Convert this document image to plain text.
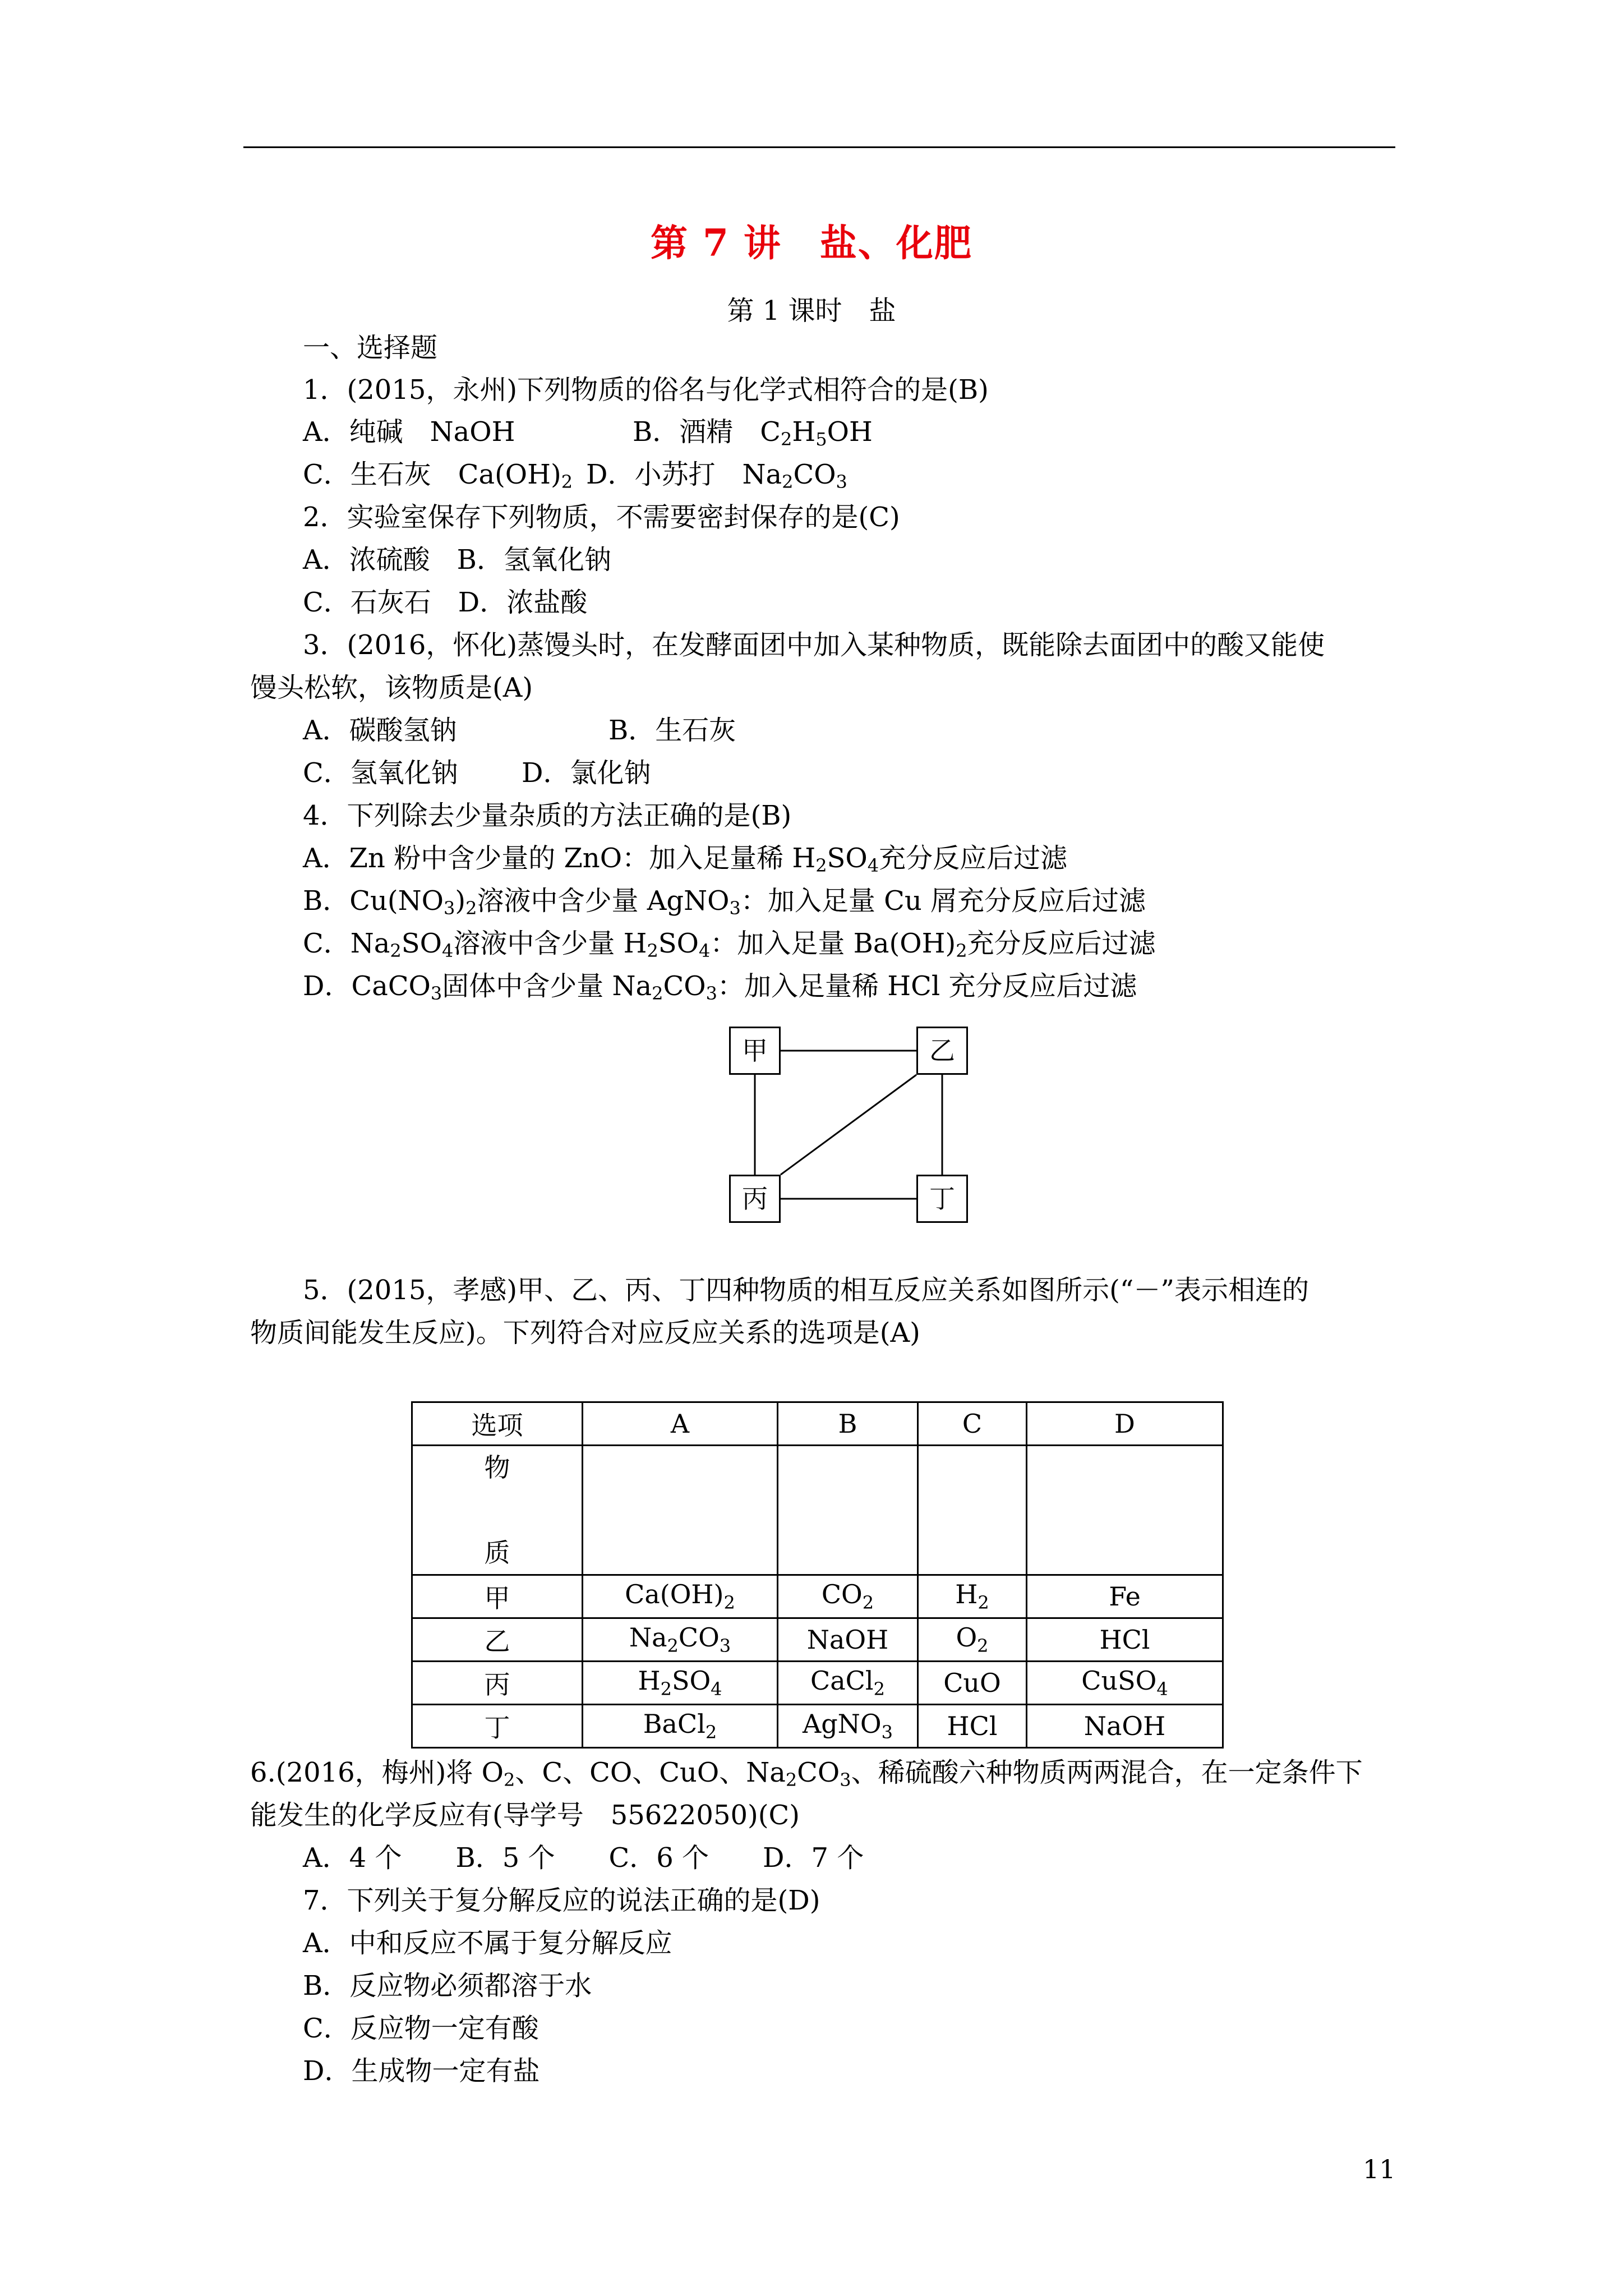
第 7 讲　盐、化肥
第 1 课时　盐
一、选择题
1．(2015，永州)下列物质的俗名与化学式相符合的是(B)
A．纯碱　NaOH	B．酒精　$C_2H_5OH$
C．生石灰　$Ca(OH)_2$ D．小苏打　$Na_2CO_3$
2．实验室保存下列物质，不需要密封保存的是(C)
A．浓硫酸　B．氢氧化钠
C．石灰石　D．浓盐酸
3．(2016，怀化)蒸馒头时，在发酵面团中加入某种物质，既能除去面团中的酸又能使
馒头松软，该物质是(A)
A．碳酸氢钠	B．生石灰
C．氢氧化钠 D．氯化钠
4．下列除去少量杂质的方法正确的是(B)
A．Zn 粉中含少量的 ZnO：加入足量稀 $H_2SO_4$充分反应后过滤
B．$Cu(NO_3)_2$溶液中含少量 AgNO$_3$：加入足量 Cu 屑充分反应后过滤
C．$Na_2SO_4$溶液中含少量 $H_2SO_4$：加入足量 $Ba(OH)_2$充分反应后过滤
D．CaCO$_3$固体中含少量 $Na_2CO_3$：加入足量稀 HCl 充分反应后过滤
甲	乙
丙	丁
5．(2015，孝感)甲、乙、丙、丁四种物质的相互反应关系如图所示(“－”表示相连的
物质间能发生反应)。下列符合对应反应关系的选项是(A)
选项	A	B	C	D
物

质				
甲	$Ca(OH)_2$	$CO_2$	$H_2$	Fe
乙	$Na_2CO_3$	NaOH	$O_2$	HCl
丙	$H_2SO_4$	CaCl$_2$	CuO	CuSO$_4$
丁	BaCl$_2$	AgNO$_3$	HCl	NaOH
6.(2016，梅州)将 $O_2$、C、CO、CuO、$Na_2CO_3$、稀硫酸六种物质两两混合，在一定条件下
能发生的化学反应有(导学号　55622050)(C)
A．4 个　　B．5 个　　C．6 个　　D．7 个
7．下列关于复分解反应的说法正确的是(D)
A．中和反应不属于复分解反应
B．反应物必须都溶于水
C．反应物一定有酸
D．生成物一定有盐
11
